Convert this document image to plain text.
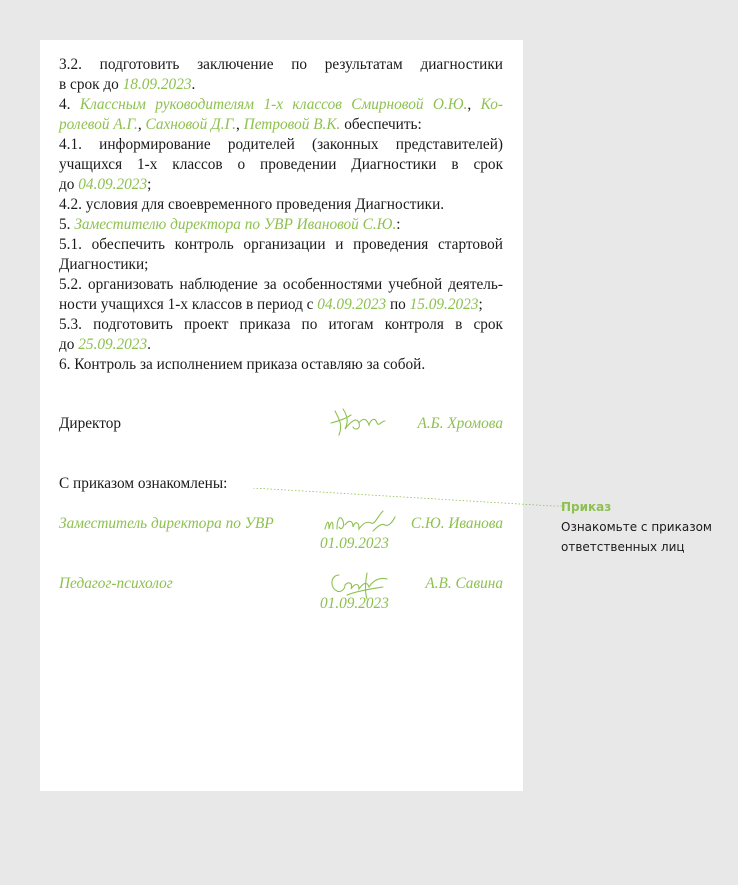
3.2. подготовить заключение по результатам диагностики
в срок до 18.09.2023.
4. Классным руководителям 1-х классов Смирновой О.Ю., Ко-
ролевой А.Г., Сахновой Д.Г., Петровой В.К. обеспечить:
4.1. информирование родителей (законных представителей)
учащихся 1-х классов о проведении Диагностики в срок
до 04.09.2023;
4.2. условия для своевременного проведения Диагностики.
5. Заместителю директора по УВР Ивановой С.Ю.:
5.1. обеспечить контроль организации и проведения стартовой
Диагностики;
5.2. организовать наблюдение за особенностями учебной деятель-
ности учащихся 1-х классов в период с 04.09.2023 по 15.09.2023;
5.3. подготовить проект приказа по итогам контроля в срок
до 25.09.2023.
6. Контроль за исполнением приказа оставляю за собой.
Директор	А.Б. Хромова
С приказом ознакомлены:
Заместитель директора по УВР	С.Ю. Иванова
01.09.2023
Педагог-психолог	А.В. Савина
01.09.2023
Приказ
Ознакомьте с приказом ответственных лиц
